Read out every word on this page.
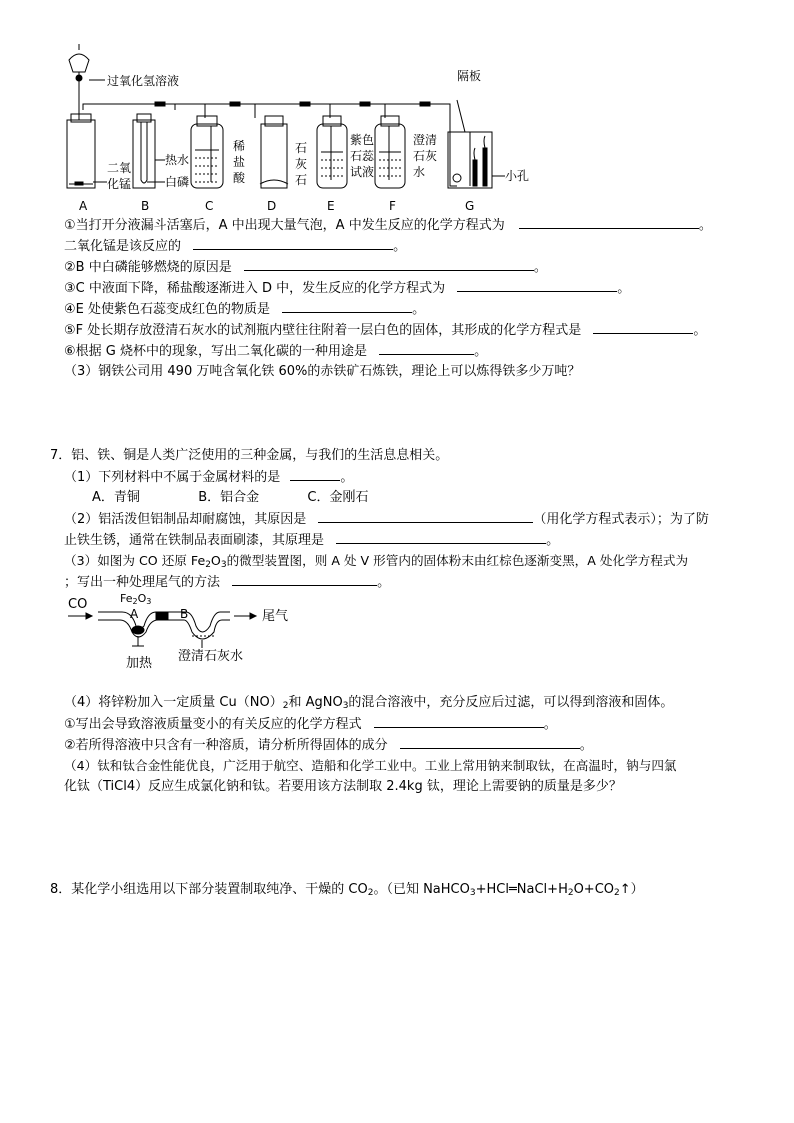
过氧化氢溶液	隔板
小孔
二氧
化锰
热水
白磷
稀
盐
酸
石
灰
石
紫色
石蕊
试液
澄清
石灰
水
A	B	C	D	E	F	G
①当打开分液漏斗活塞后，A 中出现大量气泡，A 中发生反应的化学方程式为	。
二氧化锰是该反应的	。
②B 中白磷能够燃烧的原因是	。
③C 中液面下降，稀盐酸逐渐进入 D 中，发生反应的化学方程式为	。
④E 处使紫色石蕊变成红色的物质是	。
⑤F 处长期存放澄清石灰水的试剂瓶内壁往往附着一层白色的固体，其形成的化学方程式是	。
⑥根据 G 烧杯中的现象，写出二氧化碳的一种用途是	。
（3）钢铁公司用 490 万吨含氧化铁 60%的赤铁矿石炼铁，理论上可以炼得铁多少万吨？
7．铝、铁、铜是人类广泛使用的三种金属，与我们的生活息息相关。
（1）下列材料中不属于金属材料的是	。
A．青铜	B．铝合金	C．金刚石
（2）铝活泼但铝制品却耐腐蚀，其原因是	（用化学方程式表示）；为了防
止铁生锈，通常在铁制品表面刷漆，其原理是	。
（3）如图为 CO 还原 $Fe_2O_3$的微型装置图，则 A 处 V 形管内的固体粉末由红棕色逐渐变黑，A 处化学方程式为
；写出一种处理尾气的方法	。
CO	Fe2O3
A	B	尾气
澄清石灰水
加热
（4）将锌粉加入一定质量 $Cu(NO)_2$和 AgNO$_3$的混合溶液中，充分反应后过滤，可以得到溶液和固体。
①写出会导致溶液质量变小的有关反应的化学方程式	。
②若所得溶液中只含有一种溶质，请分析所得固体的成分	。
（4）钛和钛合金性能优良，广泛用于航空、造船和化学工业中。工业上常用钠来制取钛，在高温时，钠与四氯
化钛（TiCl4）反应生成氯化钠和钛。若要用该方法制取 2.4kg 钛，理论上需要钠的质量是多少？
8．某化学小组选用以下部分装置制取纯净、干燥的 $CO_2$。（已知 $NaHCO_3+HCl═NaCl+H_2O+CO_2↑$）
